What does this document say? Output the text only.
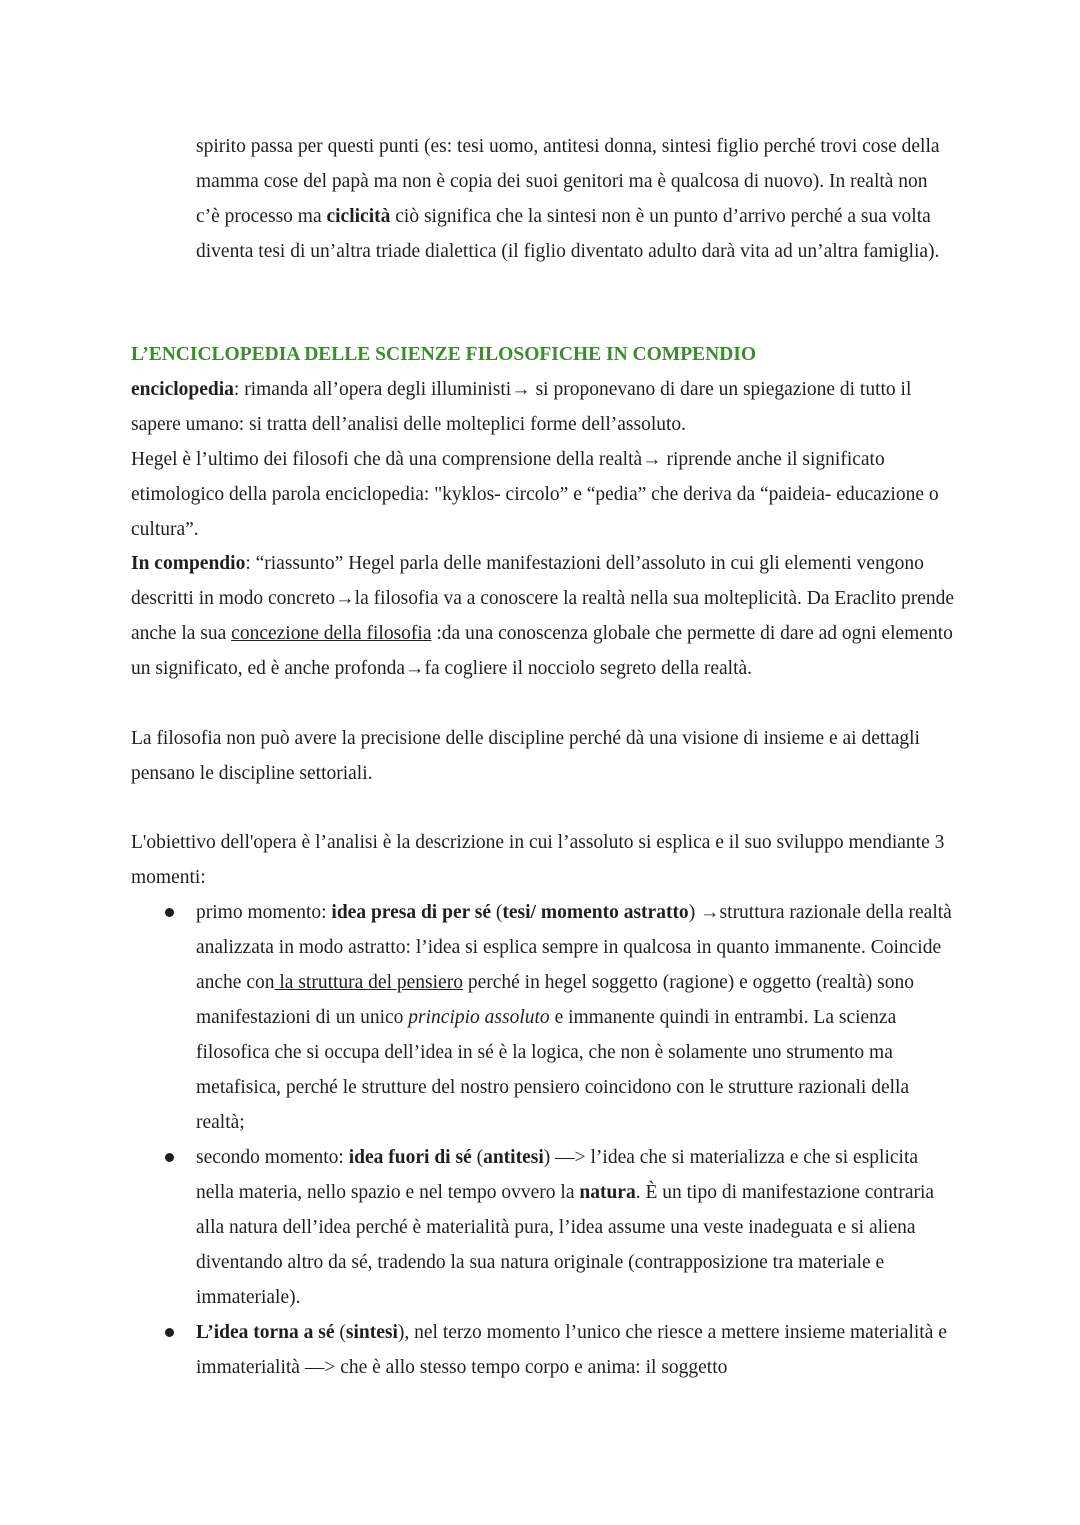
spirito passa per questi punti (es: tesi uomo, antitesi donna, sintesi figlio perché trovi cose della mamma cose del papà ma non è copia dei suoi genitori ma è qualcosa di nuovo). In realtà non c’è processo ma ciclicità ciò significa che la sintesi non è un punto d’arrivo perché a sua volta diventa tesi di un’altra triade dialettica (il figlio diventato adulto darà vita ad un’altra famiglia).

L’ENCICLOPEDIA DELLE SCIENZE FILOSOFICHE IN COMPENDIO

enciclopedia: rimanda all’opera degli illuministi→ si proponevano di dare un spiegazione di tutto il sapere umano: si tratta dell’analisi delle molteplici forme dell’assoluto.

Hegel è l’ultimo dei filosofi che dà una comprensione della realtà→ riprende anche il significato etimologico della parola enciclopedia: "kyklos- circolo” e “pedia” che deriva da “paideia- educazione o cultura”.

In compendio: “riassunto” Hegel parla delle manifestazioni dell’assoluto in cui gli elementi vengono descritti in modo concreto→la filosofia va a conoscere la realtà nella sua molteplicità. Da Eraclito prende anche la sua concezione della filosofia :da una conoscenza globale che permette di dare ad ogni elemento un significato, ed è anche profonda→fa cogliere il nocciolo segreto della realtà.

La filosofia non può avere la precisione delle discipline perché dà una visione di insieme e ai dettagli pensano le discipline settoriali.

L'obiettivo dell'opera è l’analisi è la descrizione in cui l’assoluto si esplica e il suo sviluppo mendiante 3 momenti:

primo momento: idea presa di per sé (tesi/ momento astratto) →struttura razionale della realtà analizzata in modo astratto: l’idea si esplica sempre in qualcosa in quanto immanente. Coincide anche con la struttura del pensiero perché in hegel soggetto (ragione) e oggetto (realtà) sono manifestazioni di un unico principio assoluto e immanente quindi in entrambi. La scienza filosofica che si occupa dell’idea in sé è la logica, che non è solamente uno strumento ma metafisica, perché le strutture del nostro pensiero coincidono con le strutture razionali della realtà;
secondo momento: idea fuori di sé (antitesi) —> l’idea che si materializza e che si esplicita nella materia, nello spazio e nel tempo ovvero la natura. È un tipo di manifestazione contraria alla natura dell’idea perché è materialità pura, l’idea assume una veste inadeguata e si aliena diventando altro da sé, tradendo la sua natura originale (contrapposizione tra materiale e immateriale).
L’idea torna a sé (sintesi), nel terzo momento l’unico che riesce a mettere insieme materialità e immaterialità —> che è allo stesso tempo corpo e anima: il soggetto
